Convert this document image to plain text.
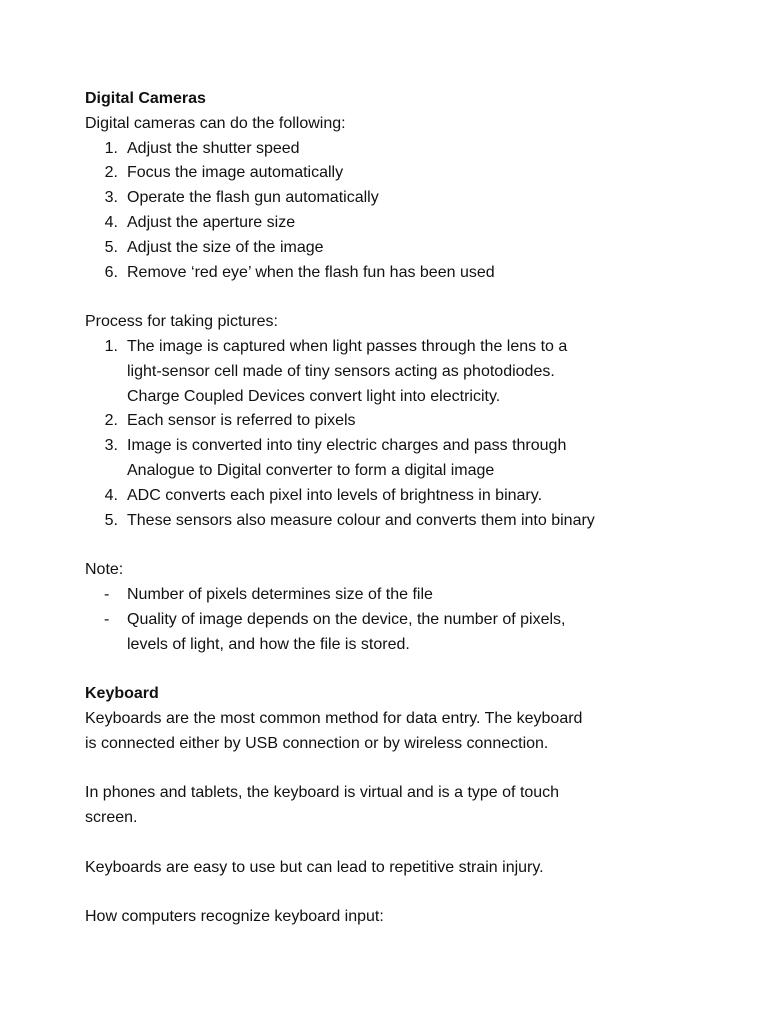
Digital Cameras
Digital cameras can do the following:
1. Adjust the shutter speed
2. Focus the image automatically
3. Operate the flash gun automatically
4. Adjust the aperture size
5. Adjust the size of the image
6. Remove ‘red eye’ when the flash fun has been used
Process for taking pictures:
1. The image is captured when light passes through the lens to a
light-sensor cell made of tiny sensors acting as photodiodes.
Charge Coupled Devices convert light into electricity.
2. Each sensor is referred to pixels
3. Image is converted into tiny electric charges and pass through
Analogue to Digital converter to form a digital image
4. ADC converts each pixel into levels of brightness in binary.
5. These sensors also measure colour and converts them into binary
Note:
-	Number of pixels determines size of the file
-	Quality of image depends on the device, the number of pixels,
levels of light, and how the file is stored.
Keyboard
Keyboards are the most common method for data entry. The keyboard
is connected either by USB connection or by wireless connection.
In phones and tablets, the keyboard is virtual and is a type of touch
screen.
Keyboards are easy to use but can lead to repetitive strain injury.
How computers recognize keyboard input:
